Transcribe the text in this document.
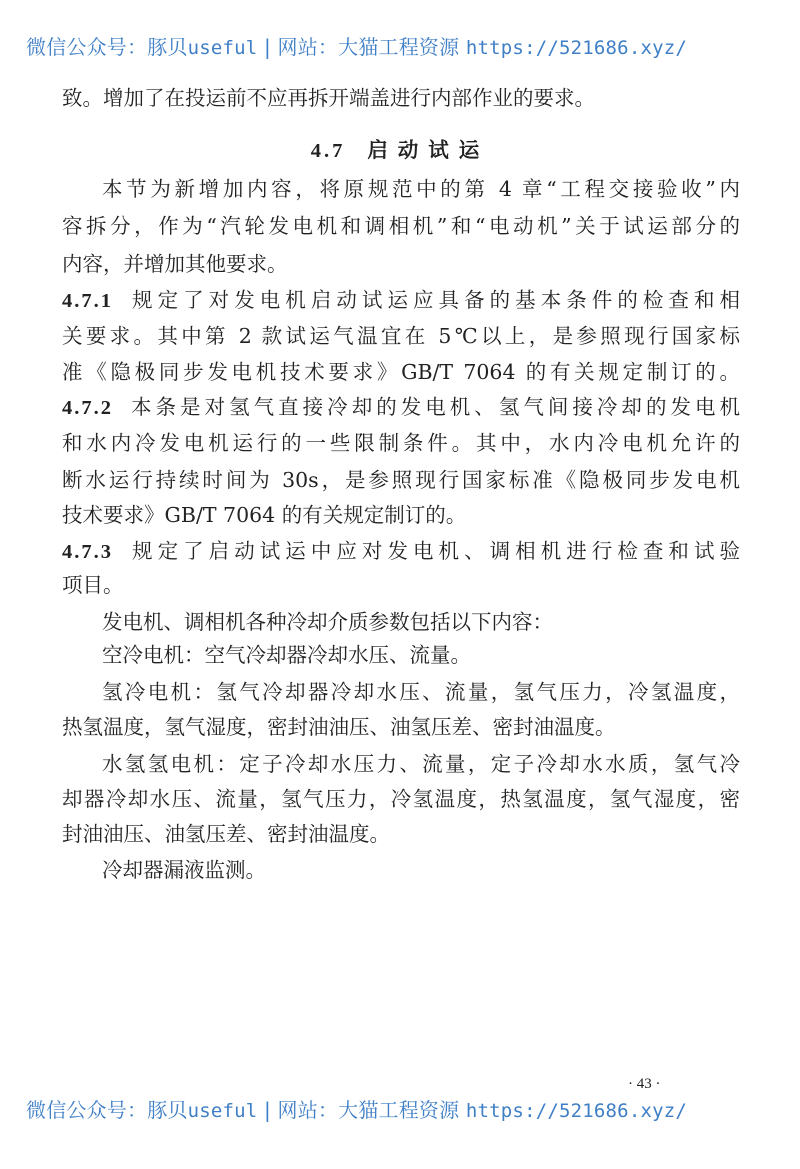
微信公众号：豚贝useful | 网站：大猫工程资源 https://521686.xyz/
致。增加了在投运前不应再拆开端盖进行内部作业的要求。
4.7 启动试运
本节为新增加内容，将原规范中的第 4 章“工程交接验收”内
容拆分，作为“汽轮发电机和调相机”和“电动机”关于试运部分的
内容，并增加其他要求。
4.7.1 规定了对发电机启动试运应具备的基本条件的检查和相
关要求。其中第 2 款试运气温宜在 5℃以上，是参照现行国家标
准《隐极同步发电机技术要求》GB/T 7064 的有关规定制订的。
4.7.2 本条是对氢气直接冷却的发电机、氢气间接冷却的发电机
和水内冷发电机运行的一些限制条件。其中，水内冷电机允许的
断水运行持续时间为 30s，是参照现行国家标准《隐极同步发电机
技术要求》GB/T 7064 的有关规定制订的。
4.7.3 规定了启动试运中应对发电机、调相机进行检查和试验
项目。
发电机、调相机各种冷却介质参数包括以下内容：
空冷电机：空气冷却器冷却水压、流量。
氢冷电机：氢气冷却器冷却水压、流量，氢气压力，冷氢温度，
热氢温度，氢气湿度，密封油油压、油氢压差、密封油温度。
水氢氢电机：定子冷却水压力、流量，定子冷却水水质，氢气冷
却器冷却水压、流量，氢气压力，冷氢温度，热氢温度，氢气湿度，密
封油油压、油氢压差、密封油温度。
冷却器漏液监测。
· 43 ·
微信公众号：豚贝useful | 网站：大猫工程资源 https://521686.xyz/
